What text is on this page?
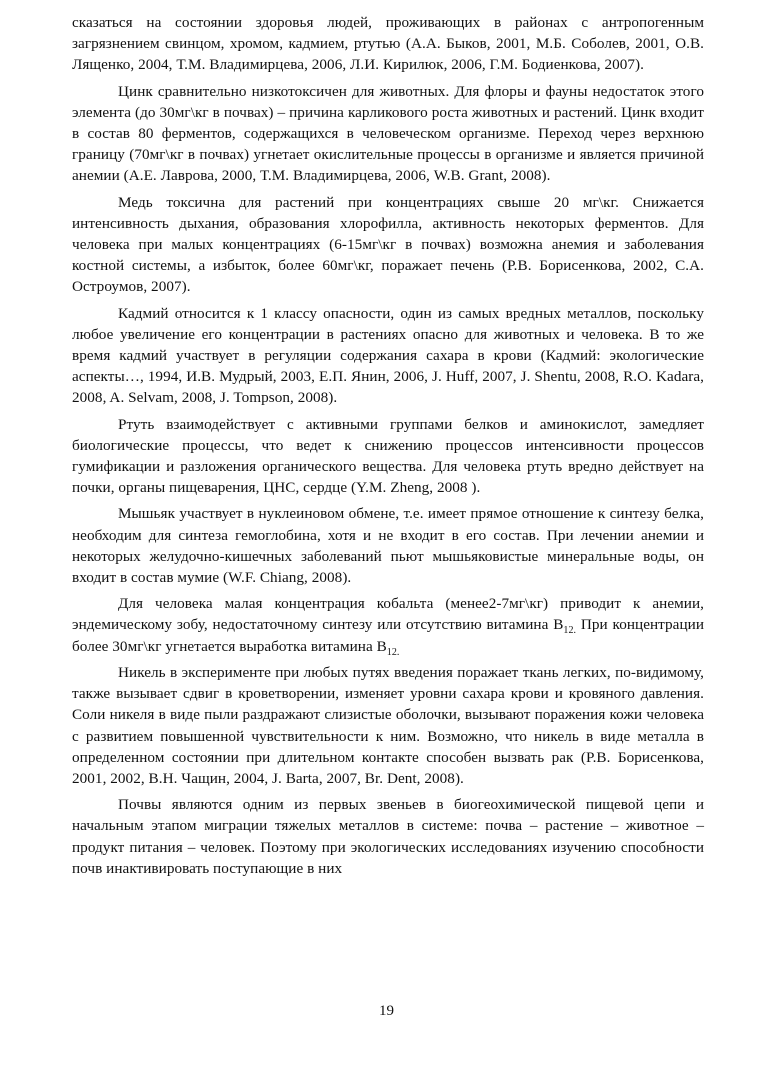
сказаться на состоянии здоровья людей, проживающих в районах с антропогенным загрязнением свинцом, хромом, кадмием, ртутью (А.А. Быков, 2001, М.Б. Соболев, 2001, О.В. Лященко, 2004, Т.М. Владимирцева, 2006, Л.И. Кирилюк, 2006, Г.М. Бодиенкова, 2007).

Цинк сравнительно низкотоксичен для животных. Для флоры и фауны недостаток этого элемента (до 30мг\кг в почвах) – причина карликового роста животных и растений. Цинк входит в состав 80 ферментов, содержащихся в человеческом организме. Переход через верхнюю границу (70мг\кг в почвах) угнетает окислительные процессы в организме и является причиной анемии (А.Е. Лаврова, 2000, Т.М. Владимирцева, 2006, W.B. Grant, 2008).

Медь токсична для растений при концентрациях свыше 20 мг\кг. Снижается интенсивность дыхания, образования хлорофилла, активность некоторых ферментов. Для человека при малых концентрациях (6-15мг\кг в почвах) возможна анемия и заболевания костной системы, а избыток, более 60мг\кг, поражает печень (Р.В. Борисенкова, 2002, С.А. Остроумов, 2007).

Кадмий относится к 1 классу опасности, один из самых вредных металлов, поскольку любое увеличение его концентрации в растениях опасно для животных и человека. В то же время кадмий участвует в регуляции содержания сахара в крови (Кадмий: экологические аспекты…, 1994, И.В. Мудрый, 2003, Е.П. Янин, 2006, J. Huff, 2007, J. Shentu, 2008, R.O. Kadara, 2008, A. Selvam, 2008, J. Tompson, 2008).

Ртуть взаимодействует с активными группами белков и аминокислот, замедляет биологические процессы, что ведет к снижению процессов интенсивности процессов гумификации и разложения органического вещества. Для человека ртуть вредно действует на почки, органы пищеварения, ЦНС, сердце (Y.M. Zheng, 2008 ).

Мышьяк участвует в нуклеиновом обмене, т.е. имеет прямое отношение к синтезу белка, необходим для синтеза гемоглобина, хотя и не входит в его состав. При лечении анемии и некоторых желудочно-кишечных заболеваний пьют мышьяковистые минеральные воды, он входит в состав мумие (W.F. Chiang, 2008).

Для человека малая концентрация кобальта (менее2-7мг\кг) приводит к анемии, эндемическому зобу, недостаточному синтезу или отсутствию витамина $B_{12.}$ При концентрации более 30мг\кг угнетается выработка витамина $B_{12.}$

Никель в эксперименте при любых путях введения поражает ткань легких, по-видимому, также вызывает сдвиг в кроветворении, изменяет уровни сахара крови и кровяного давления. Соли никеля в виде пыли раздражают слизистые оболочки, вызывают поражения кожи человека с развитием повышенной чувствительности к ним. Возможно, что никель в виде металла в определенном состоянии при длительном контакте способен вызвать рак (Р.В. Борисенкова, 2001, 2002, В.Н. Чащин, 2004, J. Barta, 2007, Br. Dent, 2008).

Почвы являются одним из первых звеньев в биогеохимической пищевой цепи и начальным этапом миграции тяжелых металлов в системе: почва – растение – животное – продукт питания – человек. Поэтому при экологических исследованиях изучению способности почв инактивировать поступающие в них

19
